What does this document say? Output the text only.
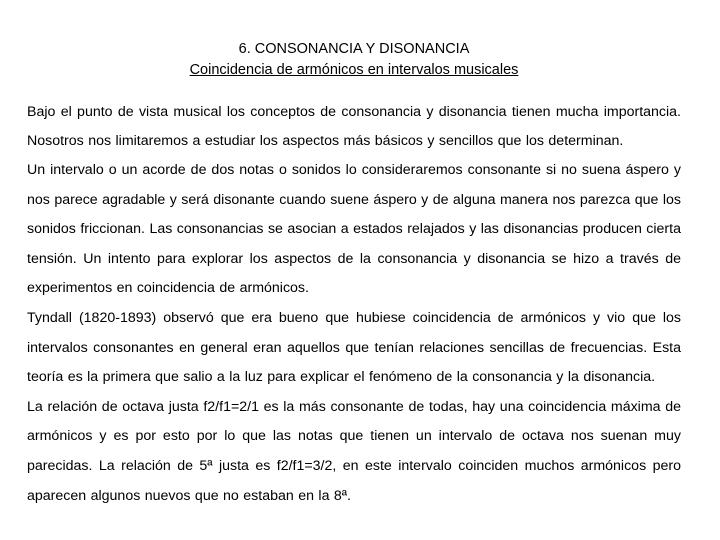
6. CONSONANCIA Y DISONANCIA

Coincidencia de armónicos en intervalos musicales

Bajo el punto de vista musical los conceptos de consonancia y disonancia tienen mucha importancia. Nosotros nos limitaremos a estudiar los aspectos más básicos y sencillos que los determinan.

Un intervalo o un acorde de dos notas o sonidos lo consideraremos consonante si no suena áspero y nos parece agradable y será disonante cuando suene áspero y de alguna manera nos parezca que los sonidos friccionan. Las consonancias se asocian a estados relajados y las disonancias producen cierta tensión. Un intento para explorar los aspectos de la consonancia y disonancia se hizo a través de experimentos en coincidencia de armónicos.

Tyndall (1820-1893) observó que era bueno que hubiese coincidencia de armónicos y vio que los intervalos consonantes en general eran aquellos que tenían relaciones sencillas de frecuencias. Esta teoría es la primera que salio a la luz para explicar el fenómeno de la consonancia y la disonancia.

La relación de octava justa f2/f1=2/1 es la más consonante de todas, hay una coincidencia máxima de armónicos y es por esto por lo que las notas que tienen un intervalo de octava nos suenan muy parecidas. La relación de 5ª justa es f2/f1=3/2, en este intervalo coinciden muchos armónicos pero aparecen algunos nuevos que no estaban en la 8ª.
